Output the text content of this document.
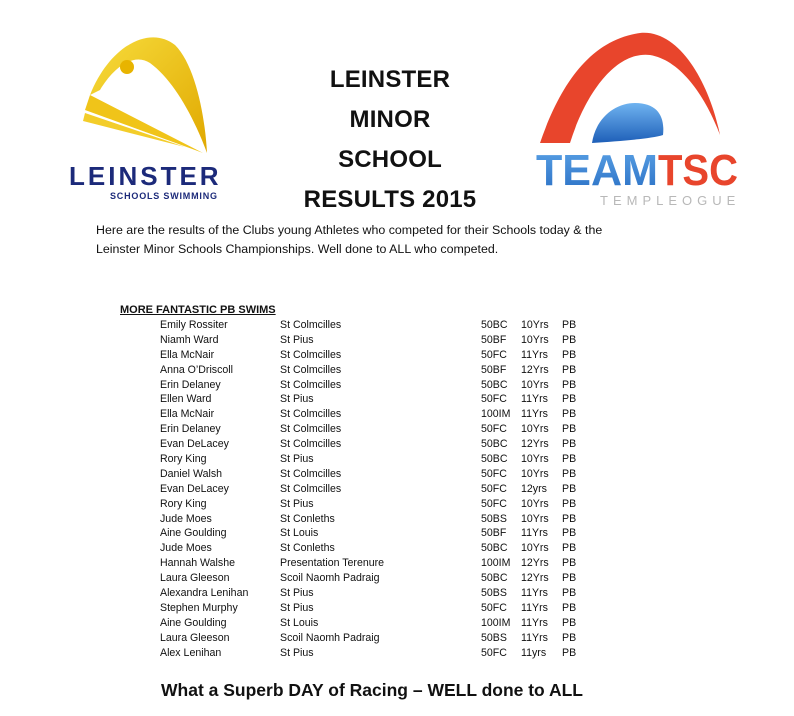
LEINSTER
SCHOOLS SWIMMING
TEAM TSC
TEMPLEOGUE
LEINSTER
MINOR
SCHOOL
RESULTS 2015
Here are the results of the Clubs young Athletes who competed for their Schools today & the
Leinster Minor Schools Championships. Well done to ALL who competed.
MORE FANTASTIC PB SWIMS
Emily Rossiter	St Colmcilles	50BC 10Yrs PB
Niamh Ward	St Pius	50BF 10Yrs PB
Ella McNair	St Colmcilles	50FC 11Yrs PB
Anna O’Driscoll	St Colmcilles	50BF 12Yrs PB
Erin Delaney	St Colmcilles	50BC 10Yrs PB
Ellen Ward	St Pius	50FC 11Yrs PB
Ella McNair	St Colmcilles	100IM 11Yrs PB
Erin Delaney	St Colmcilles	50FC 10Yrs PB
Evan DeLacey	St Colmcilles	50BC 12Yrs PB
Rory King	St Pius	50BC 10Yrs PB
Daniel Walsh	St Colmcilles	50FC 10Yrs PB
Evan DeLacey	St Colmcilles	50FC 12yrs PB
Rory King	St Pius	50FC 10Yrs PB
Jude Moes	St Conleths	50BS 10Yrs PB
Aine Goulding	St Louis	50BF 11Yrs PB
Jude Moes	St Conleths	50BC 10Yrs PB
Hannah Walshe	Presentation Terenure	100IM 12Yrs PB
Laura Gleeson	Scoil Naomh Padraig	50BC 12Yrs PB
Alexandra Lenihan	St Pius	50BS 11Yrs PB
Stephen Murphy	St Pius	50FC 11Yrs PB
Aine Goulding	St Louis	100IM 11Yrs PB
Laura Gleeson	Scoil Naomh Padraig	50BS 11Yrs PB
Alex Lenihan	St Pius	50FC 11yrs PB
What a Superb DAY of Racing – WELL done to ALL
